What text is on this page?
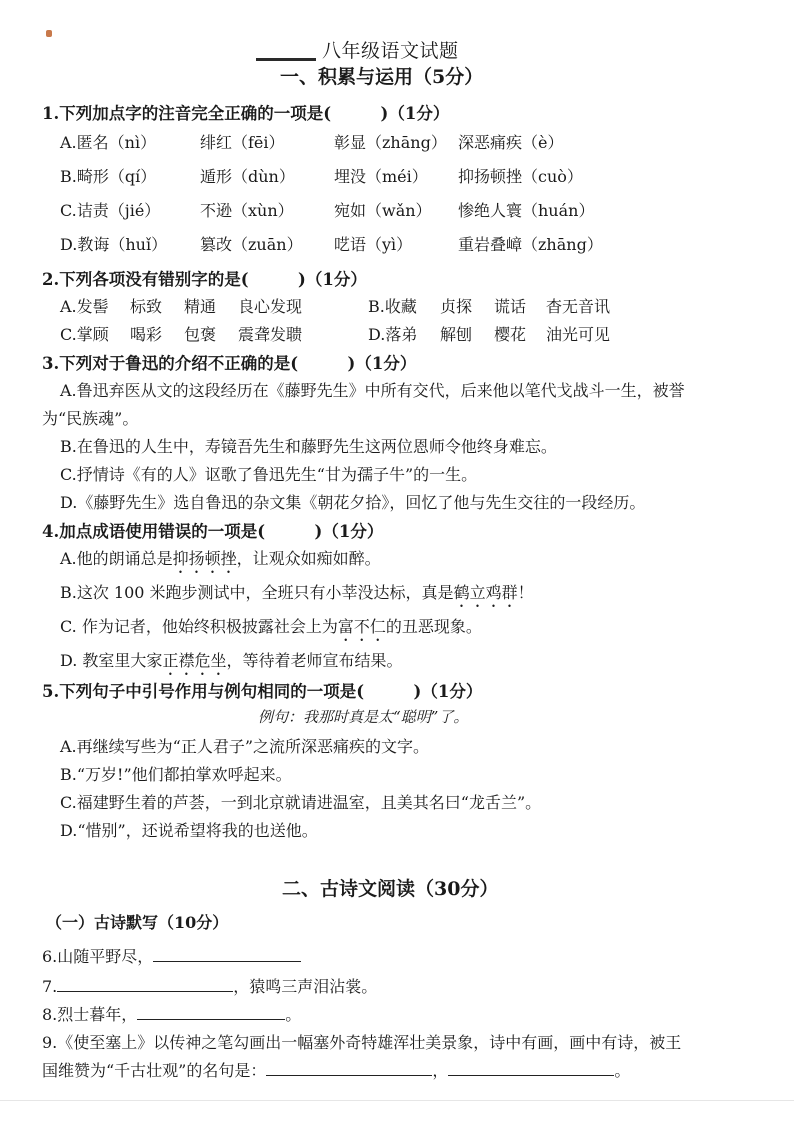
八年级语文试题
一、积累与运用（5分）
1.下列加点字的注音完全正确的一项是(　　　)（1分）
A.匿名（nì）	绯红（fēi）	彰显（zhāng） 深恶痛疾（è）
B.畸形（qí）	遁形（dùn） 埋没（méi） 抑扬顿挫（cuò）
C.诘责（jié） 不逊（xùn）	宛如（wǎn） 惨绝人寰（huán）
D.教诲（huǐ） 篡改（zuān） 呓语（yì）	重岩叠嶂（zhāng）
2.下列各项没有错别字的是(　　　)（1分）
A.发髻 标致 精通 良心发现	B.收藏 贞探 谎话 杳无音讯
C.掌顾 喝彩 包褒 震聋发聩	D.落弟 解刨 樱花 油光可见
3.下列对于鲁迅的介绍不正确的是(　　　)（1分）
A.鲁迅弃医从文的这段经历在《藤野先生》中所有交代，后来他以笔代戈战斗一生，被誉
为“民族魂”。
B.在鲁迅的人生中，寿镜吾先生和藤野先生这两位恩师令他终身难忘。
C.抒情诗《有的人》讴歌了鲁迅先生“甘为孺子牛”的一生。
D.《藤野先生》选自鲁迅的杂文集《朝花夕拾》，回忆了他与先生交往的一段经历。
4.加点成语使用错误的一项是(　　　)（1分）
A.他的朗诵总是抑扬顿挫，让观众如痴如醉。
B.这次 100 米跑步测试中，全班只有小莘没达标，真是鹤立鸡群！
C. 作为记者，他始终积极披露社会上为富不仁的丑恶现象。
D. 教室里大家正襟危坐，等待着老师宣布结果。
5.下列句子中引号作用与例句相同的一项是(　　　)（1分）
例句：我那时真是太“聪明”了。
A.再继续写些为“正人君子”之流所深恶痛疾的文字。
B.“万岁!”他们都拍掌欢呼起来。
C.福建野生着的芦荟，一到北京就请进温室，且美其名曰“龙舌兰”。
D.“惜别”，还说希望将我的也送他。
二、古诗文阅读（30分）
（一）古诗默写（10分）
6.山随平野尽，
7.	，猿鸣三声泪沾裳。
8.烈士暮年，	。
9.《使至塞上》以传神之笔勾画出一幅塞外奇特雄浑壮美景象，诗中有画，画中有诗，被王
国维赞为“千古壮观”的名句是：	，	。
